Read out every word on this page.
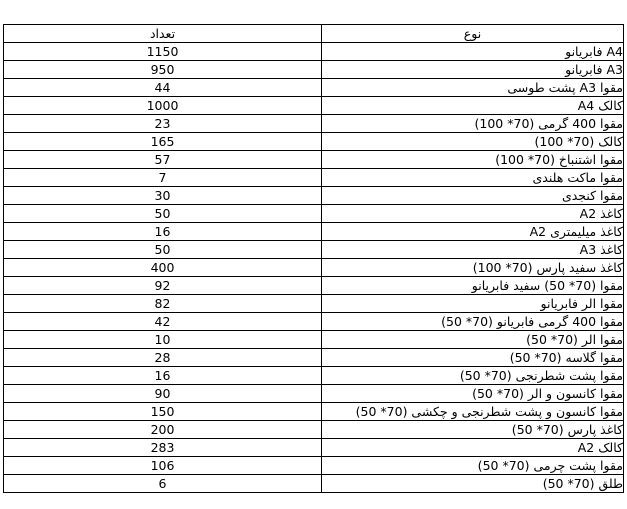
تعداد	نوع
1150	A4 فابریانو
950	A3 فابریانو
44	مقوا A3 پشت طوسی
1000	کالک A4
23	مقوا 400 گرمی (70* 100)
165	کالک (70* 100)
57	مقوا اشتنباخ (70* 100)
7	مقوا ماکت هلندی
30	مقوا کنجدی
50	کاغذ A2
16	کاغذ میلیمتری A2
50	کاغذ A3
400	کاغذ سفید پارس (70* 100)
92	مقوا (70* 50) سفید فابریانو
82	مقوا الر فابریانو
42	مقوا 400 گرمی فابریانو (70* 50)
10	مقوا الر (70* 50)
28	مقوا گلاسه (70* 50)
16	مقوا پشت شطرنجی (70* 50)
90	مقوا کانسون و الر (70* 50)
150	مقوا کانسون و پشت شطرنجی و چکشی (70* 50)
200	کاغذ پارس (70* 50)
283	کالک A2
106	مقوا پشت چرمی (70* 50)
6	طلق (70* 50)
